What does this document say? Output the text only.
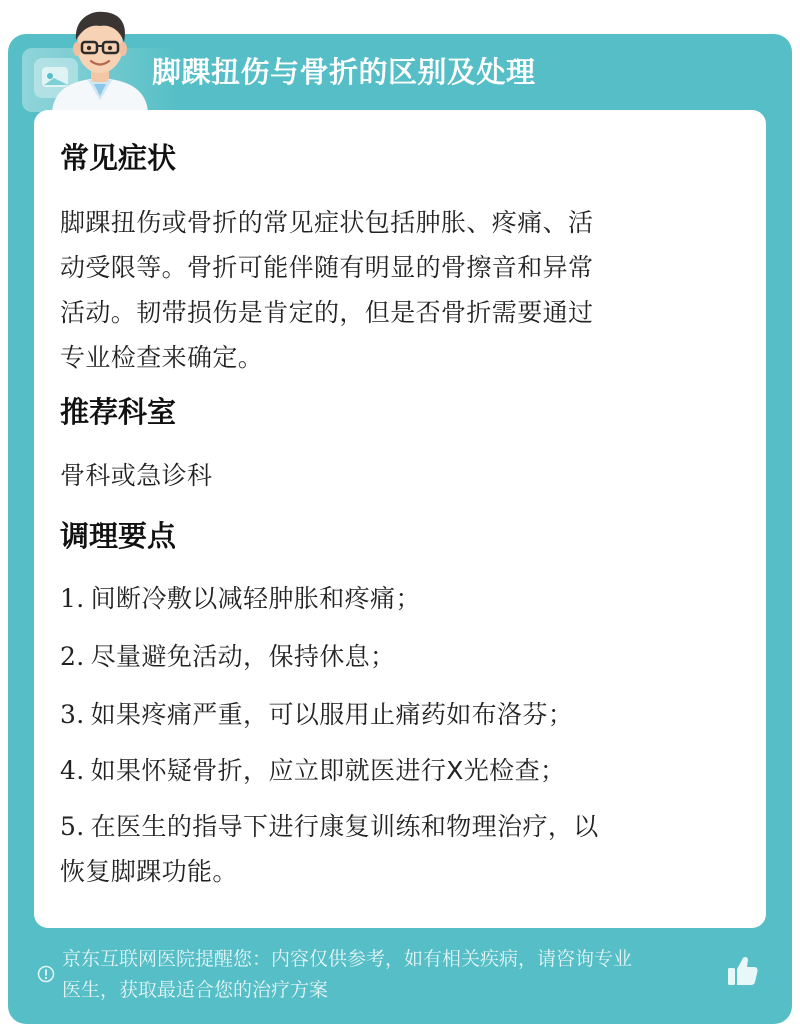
脚踝扭伤与骨折的区别及处理
常见症状
脚踝扭伤或骨折的常见症状包括肿胀、疼痛、活
动受限等。骨折可能伴随有明显的骨擦音和异常
活动。韧带损伤是肯定的，但是否骨折需要通过
专业检查来确定。
推荐科室
骨科或急诊科
调理要点
1. 间断冷敷以减轻肿胀和疼痛；
2. 尽量避免活动，保持休息；
3. 如果疼痛严重，可以服用止痛药如布洛芬；
4. 如果怀疑骨折，应立即就医进行X光检查；
5. 在医生的指导下进行康复训练和物理治疗，以
恢复脚踝功能。
京东互联网医院提醒您：内容仅供参考，如有相关疾病，请咨询专业
医生，获取最适合您的治疗方案
